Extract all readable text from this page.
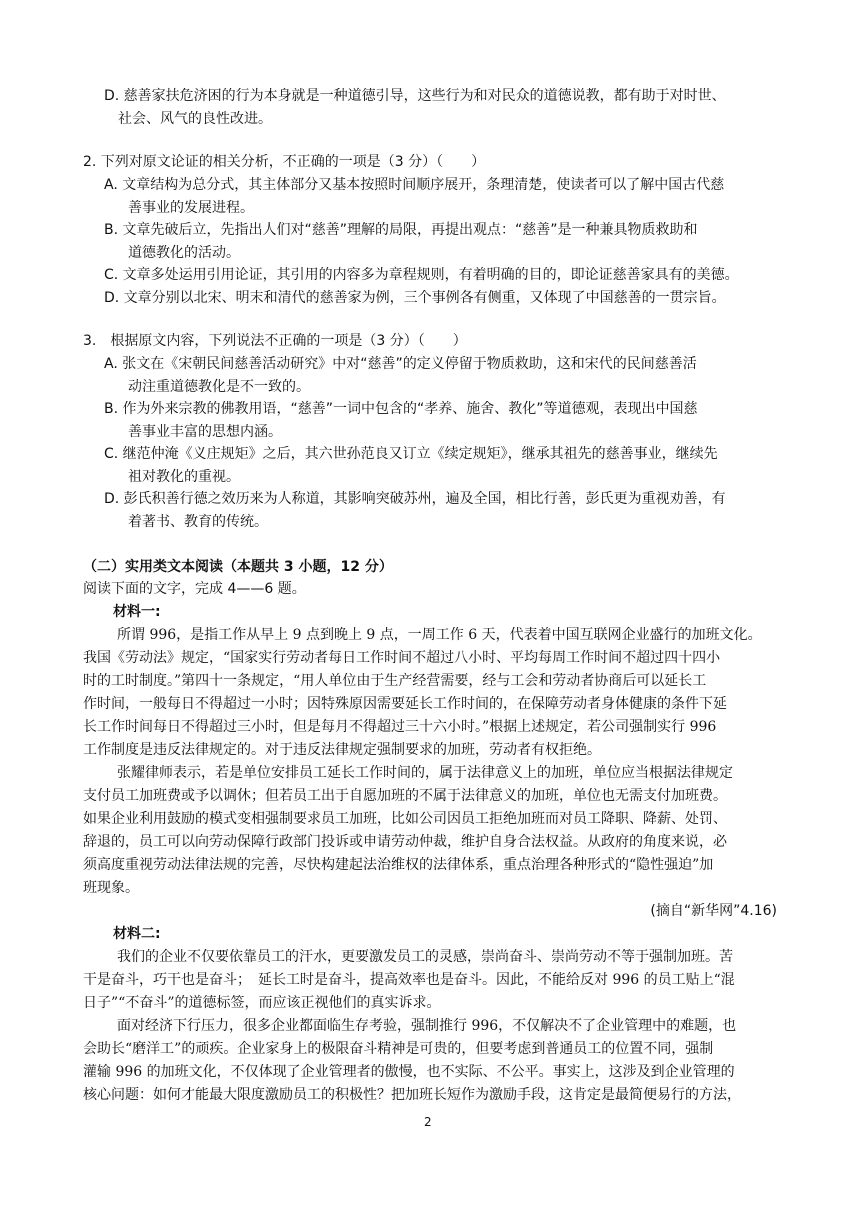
D. 慈善家扶危济困的行为本身就是一种道德引导，这些行为和对民众的道德说教，都有助于对时世、
社会、风气的良性改进。
2. 下列对原文论证的相关分析，不正确的一项是（3 分）（　　）
A. 文章结构为总分式，其主体部分又基本按照时间顺序展开，条理清楚，使读者可以了解中国古代慈
善事业的发展进程。
B. 文章先破后立，先指出人们对“慈善”理解的局限，再提出观点：“慈善”是一种兼具物质救助和
道德教化的活动。
C. 文章多处运用引用论证，其引用的内容多为章程规则，有着明确的目的，即论证慈善家具有的美德。
D. 文章分别以北宋、明末和清代的慈善家为例，三个事例各有侧重，又体现了中国慈善的一贯宗旨。
3.　根据原文内容，下列说法不正确的一项是（3 分）（　　）
A. 张文在《宋朝民间慈善活动研究》中对“慈善”的定义停留于物质救助，这和宋代的民间慈善活
动注重道德教化是不一致的。
B. 作为外来宗教的佛教用语，“慈善”一词中包含的“孝养、施舍、教化”等道德观，表现出中国慈
善事业丰富的思想内涵。
C. 继范仲淹《义庄规矩》之后，其六世孙范良又订立《续定规矩》，继承其祖先的慈善事业，继续先
祖对教化的重视。
D. 彭氏积善行德之效历来为人称道，其影响突破苏州，遍及全国，相比行善，彭氏更为重视劝善，有
着著书、教育的传统。
（二）实用类文本阅读（本题共 3 小题，12 分）
阅读下面的文字，完成 4——6 题。
材料一:
所谓 996，是指工作从早上 9 点到晚上 9 点，一周工作 6 天，代表着中国互联网企业盛行的加班文化。
我国《劳动法》规定，“国家实行劳动者每日工作时间不超过八小时、平均每周工作时间不超过四十四小
时的工时制度。”第四十一条规定，“用人单位由于生产经营需要，经与工会和劳动者协商后可以延长工
作时间，一般每日不得超过一小时；因特殊原因需要延长工作时间的，在保障劳动者身体健康的条件下延
长工作时间每日不得超过三小时，但是每月不得超过三十六小时。”根据上述规定，若公司强制实行 996
工作制度是违反法律规定的。对于违反法律规定强制要求的加班，劳动者有权拒绝。
张耀律师表示，若是单位安排员工延长工作时间的，属于法律意义上的加班，单位应当根据法律规定
支付员工加班费或予以调休；但若员工出于自愿加班的不属于法律意义的加班，单位也无需支付加班费。
如果企业利用鼓励的模式变相强制要求员工加班，比如公司因员工拒绝加班而对员工降职、降薪、处罚、
辞退的，员工可以向劳动保障行政部门投诉或申请劳动仲裁，维护自身合法权益。从政府的角度来说，必
须高度重视劳动法律法规的完善，尽快构建起法治维权的法律体系，重点治理各种形式的“隐性强迫”加
班现象。
(摘自“新华网”4.16)
材料二:
我们的企业不仅要依靠员工的汗水，更要激发员工的灵感，崇尚奋斗、崇尚劳动不等于强制加班。苦
干是奋斗，巧干也是奋斗；　延长工时是奋斗，提高效率也是奋斗。因此，不能给反对 996 的员工贴上“混
日子”“不奋斗”的道德标签，而应该正视他们的真实诉求。
面对经济下行压力，很多企业都面临生存考验，强制推行 996，不仅解决不了企业管理中的难题，也
会助长“磨洋工”的顽疾。企业家身上的极限奋斗精神是可贵的，但要考虑到普通员工的位置不同，强制
灌输 996 的加班文化，不仅体现了企业管理者的傲慢，也不实际、不公平。事实上，这涉及到企业管理的
核心问题：如何才能最大限度激励员工的积极性？把加班长短作为激励手段，这肯定是最简便易行的方法，
2
